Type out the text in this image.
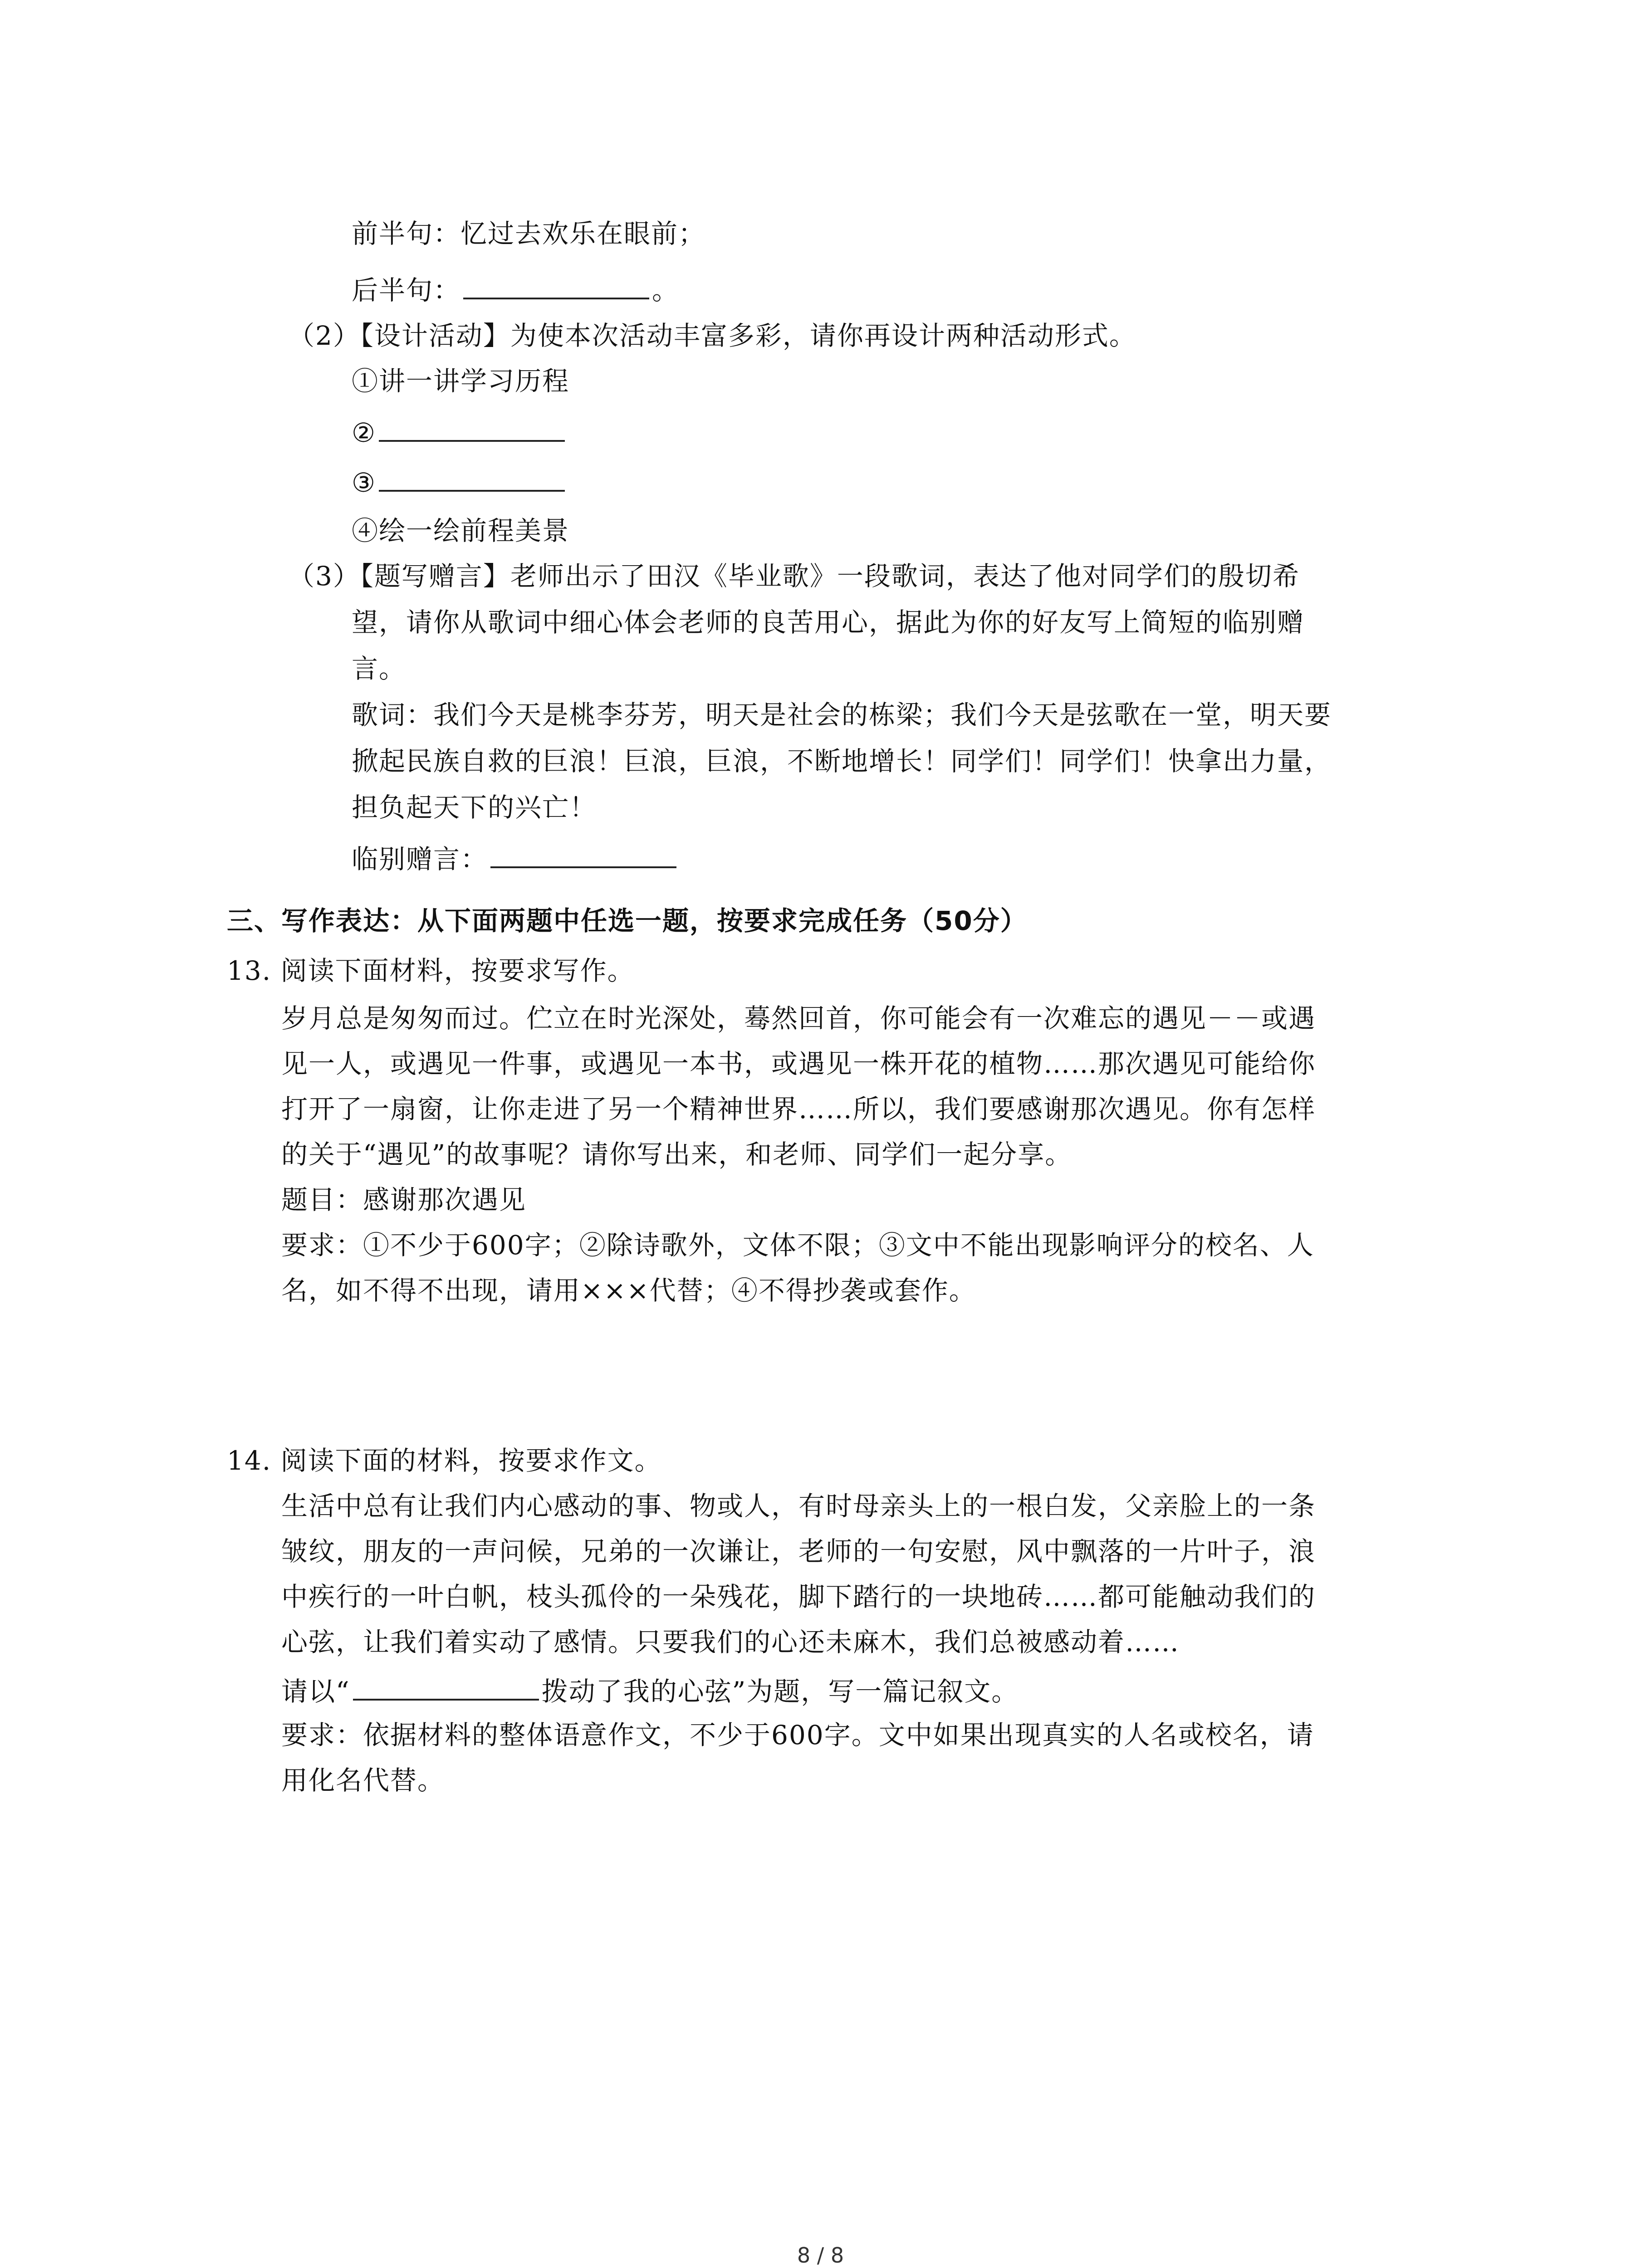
前半句：忆过去欢乐在眼前；
后半句：	。
（2）【设计活动】为使本次活动丰富多彩，请你再设计两种活动形式。
①讲一讲学习历程
②
③
④绘一绘前程美景
（3）【题写赠言】老师出示了田汉《毕业歌》一段歌词，表达了他对同学们的殷切希
望，请你从歌词中细心体会老师的良苦用心，据此为你的好友写上简短的临别赠
言。
歌词：我们今天是桃李芬芳，明天是社会的栋梁；我们今天是弦歌在一堂，明天要
掀起民族自救的巨浪！巨浪，巨浪，不断地增长！同学们！同学们！快拿出力量，
担负起天下的兴亡！
临别赠言：
三、写作表达：从下面两题中任选一题，按要求完成任务（50分）
13. 阅读下面材料，按要求写作。
岁月总是匆匆而过。伫立在时光深处，蓦然回首，你可能会有一次难忘的遇见－－或遇
见一人，或遇见一件事，或遇见一本书，或遇见一株开花的植物……那次遇见可能给你
打开了一扇窗，让你走进了另一个精神世界……所以，我们要感谢那次遇见。你有怎样
的关于“遇见”的故事呢？请你写出来，和老师、同学们一起分享。
题目：感谢那次遇见
要求：①不少于600字；②除诗歌外，文体不限；③文中不能出现影响评分的校名、人
名，如不得不出现，请用×××代替；④不得抄袭或套作。
14. 阅读下面的材料，按要求作文。
生活中总有让我们内心感动的事、物或人，有时母亲头上的一根白发，父亲脸上的一条
皱纹，朋友的一声问候，兄弟的一次谦让，老师的一句安慰，风中飘落的一片叶子，浪
中疾行的一叶白帆，枝头孤伶的一朵残花，脚下踏行的一块地砖……都可能触动我们的
心弦，让我们着实动了感情。只要我们的心还未麻木，我们总被感动着……
请以“	拨动了我的心弦”为题，写一篇记叙文。
要求：依据材料的整体语意作文，不少于600字。文中如果出现真实的人名或校名，请
用化名代替。
8 / 8
